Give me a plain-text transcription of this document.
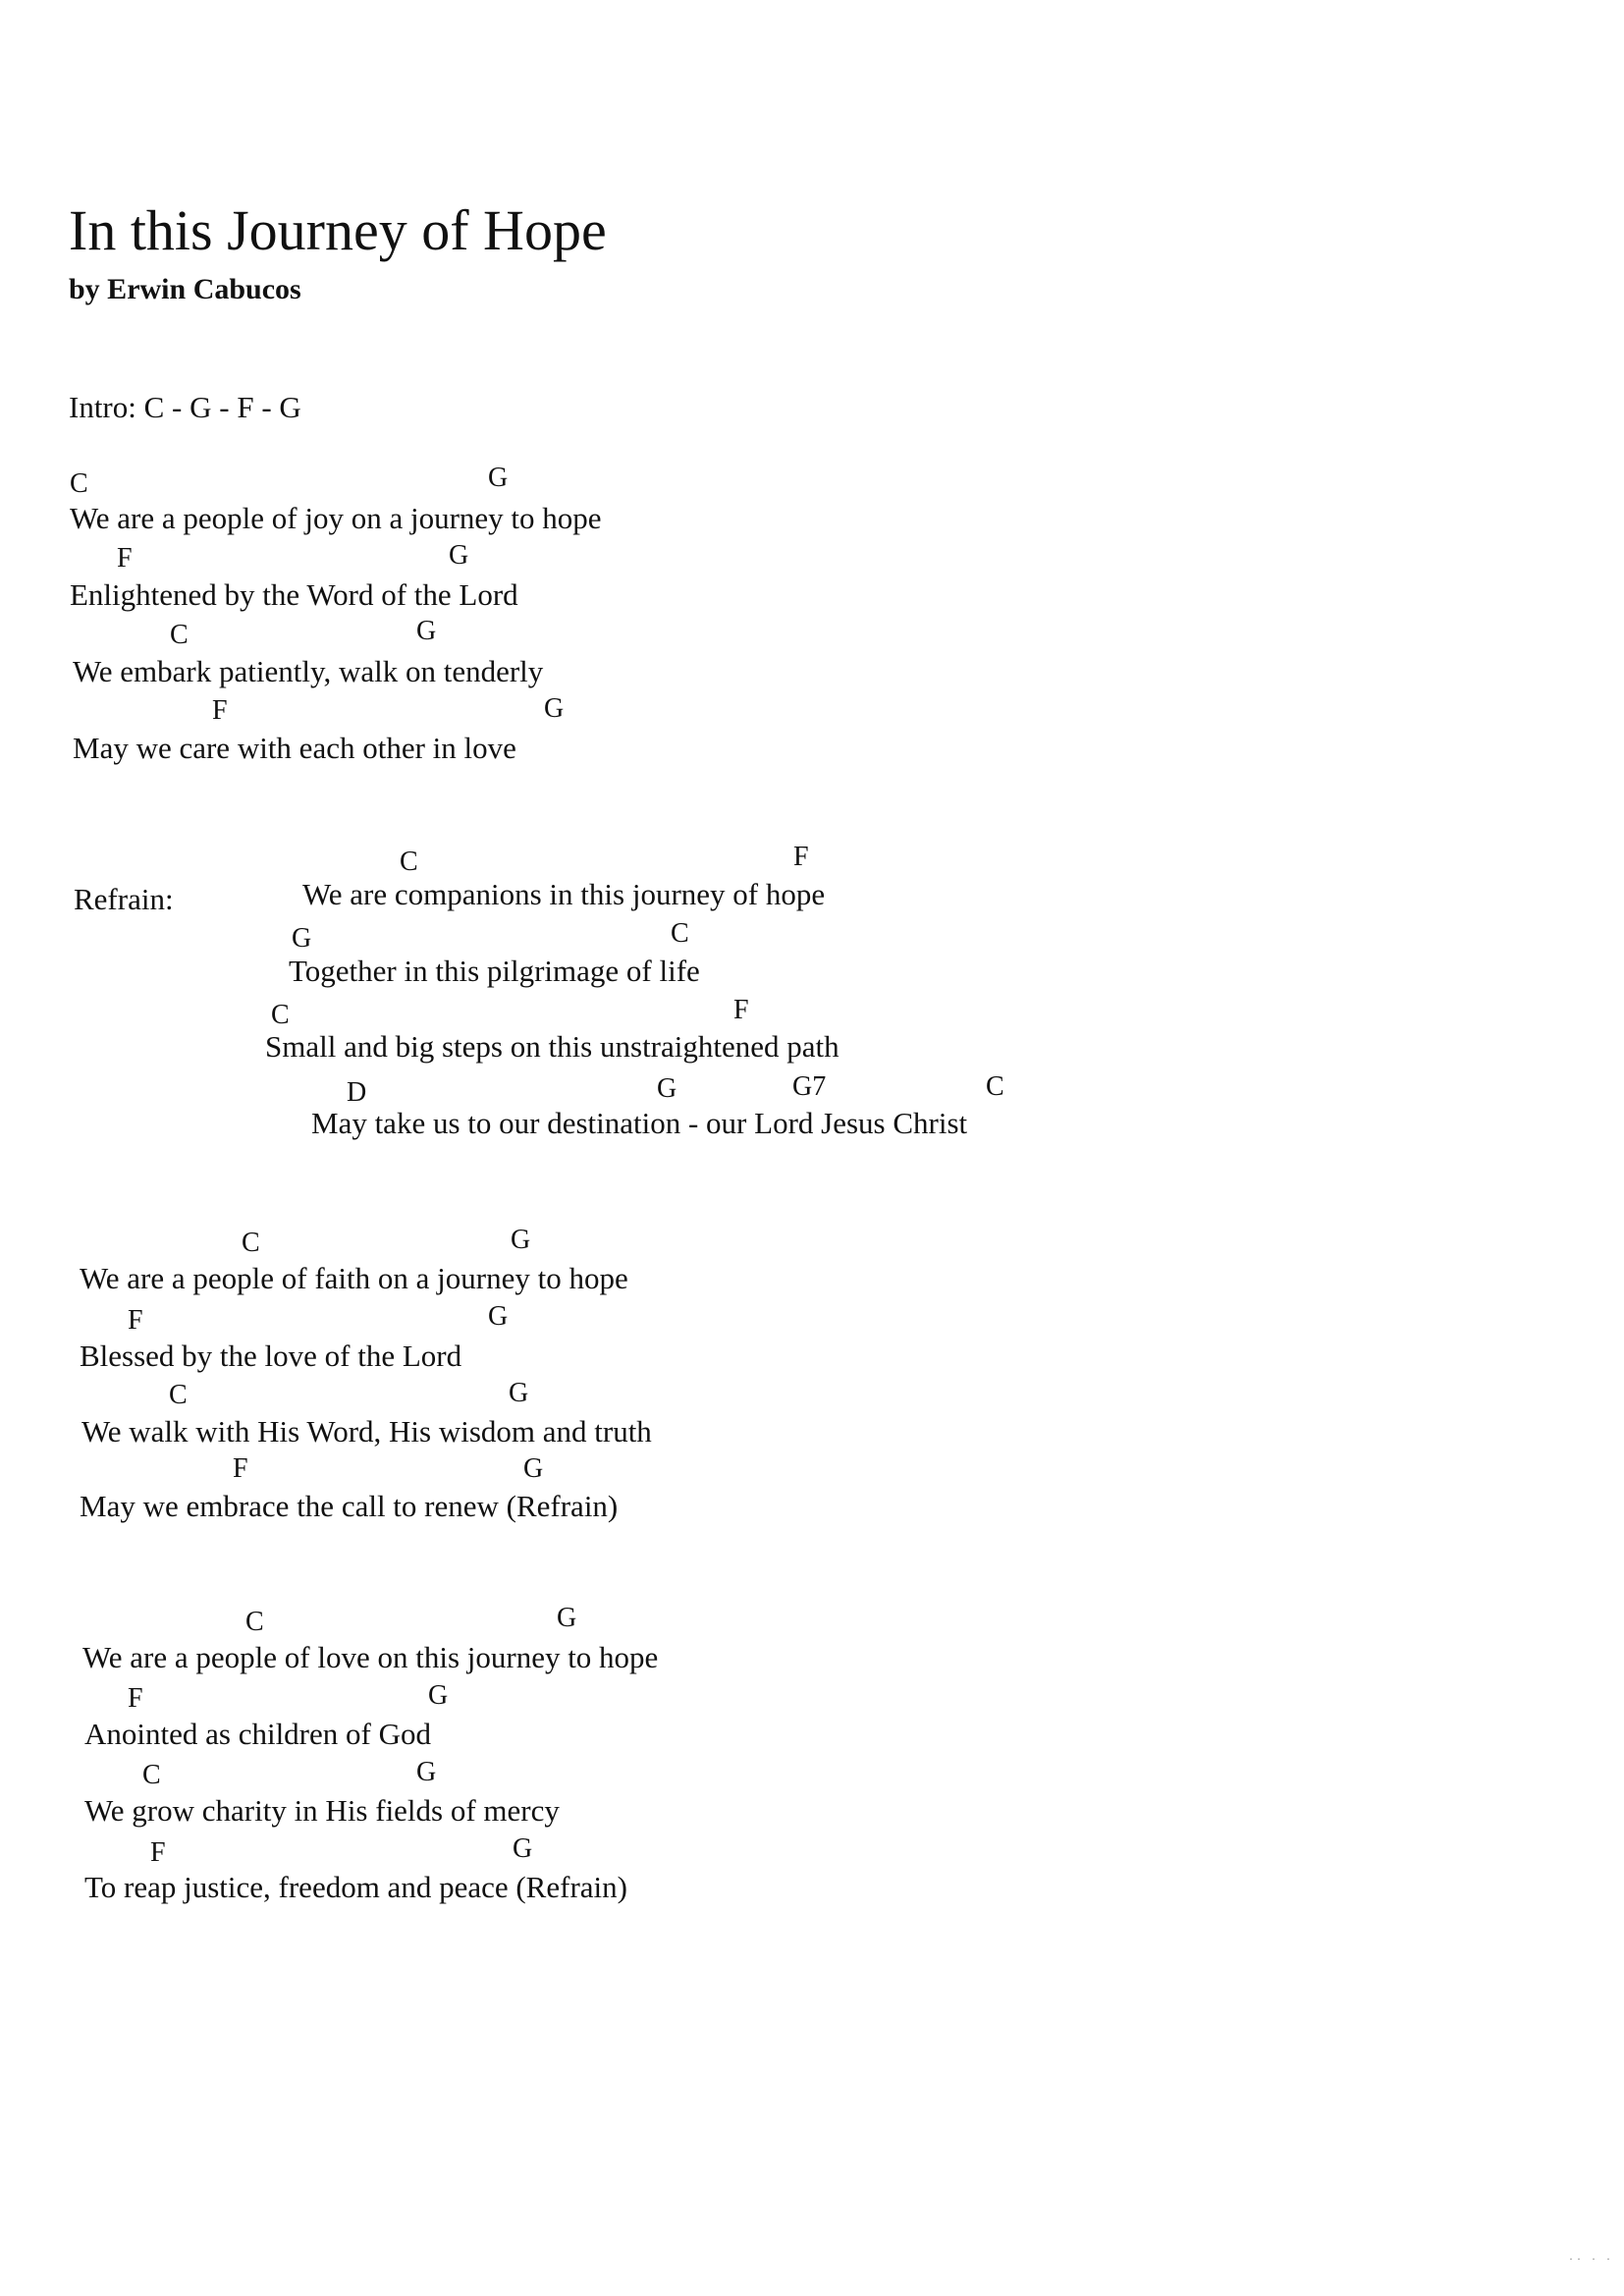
In this Journey of Hope
by Erwin Cabucos
Intro: C - G - F - G
C	G
We are a people of joy on a journey to hope
F	G
Enlightened by the Word of the Lord
C	G
We embark patiently, walk on tenderly
F	G
May we care with each other in love
Refrain:
C	F
We are companions in this journey of hope
G	C
Together in this pilgrimage of life
C	F
Small and big steps on this unstraightened path
D	G	G7	C
May take us to our destination - our Lord Jesus Christ
C	G
We are a people of faith on a journey to hope
F	G
Blessed by the love of the Lord
C	G
We walk with His Word, His wisdom and truth
F	G
May we embrace the call to renew (Refrain)
C	G
We are a people of love on this journey to hope
F	G
Anointed as children of God
C	G
We grow charity in His fields of mercy
F	G
To reap justice, freedom and peace (Refrain)
·· · ·
